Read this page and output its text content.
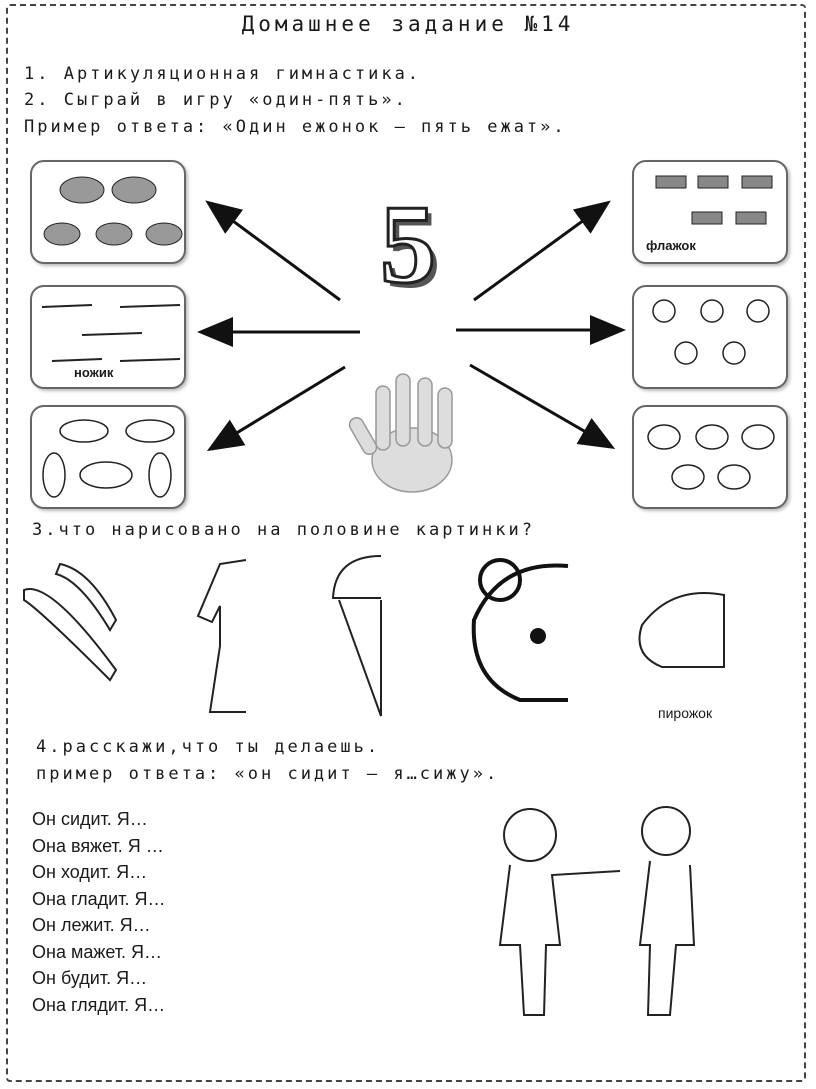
Домашнее задание №14
1. Артикуляционная гимнастика.
2. Сыграй в игру «один-пять».
Пример ответа: «Один ежонок – пять ежат».
ножик
флажок
5
3.что нарисовано на половине картинки?
пирожок
4.расскажи,что ты делаешь.
пример ответа: «он сидит – я…сижу».
Он сидит. Я…
Она вяжет. Я …
Он ходит. Я…
Она гладит. Я…
Он лежит. Я…
Она мажет. Я…
Он будит. Я…
Она глядит. Я…
